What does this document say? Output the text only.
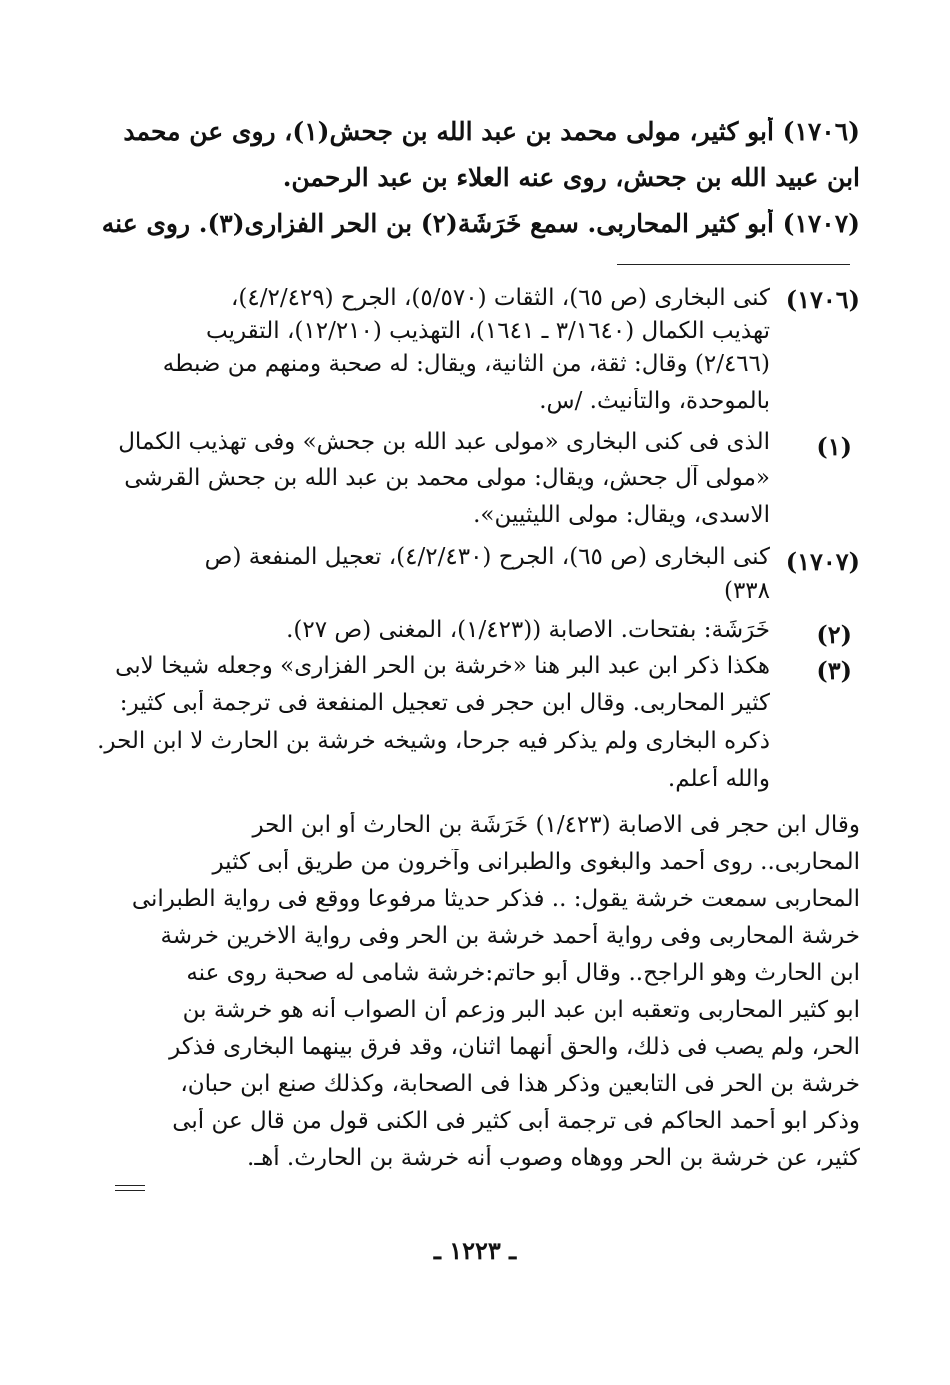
(١٧٠٦) أبو كثير، مولى محمد بن عبد الله بن جحش(١)، روى عن محمد
ابن عبيد الله بن جحش، روى عنه العلاء بن عبد الرحمن.
(١٧٠٧) أبو كثير المحاربى. سمع خَرَشَة(٢) بن الحر الفزارى(٣). روى عنه
(١٧٠٦)
كنى البخارى (ص ٦٥)، الثقات (٥/٥٧٠)، الجرح (٤/٢/٤٢٩)،
تهذيب الكمال (٣/١٦٤٠ ـ ١٦٤١)، التهذيب (١٢/٢١٠)، التقريب
(٢/٤٦٦) وقال: ثقة، من الثانية، ويقال: له صحبة ومنهم من ضبطه
بالموحدة، والتأنيث. /س.
(١)
الذى فى كنى البخارى «مولى عبد الله بن جحش» وفى تهذيب الكمال
«مولى آل جحش، ويقال: مولى محمد بن عبد الله بن جحش القرشى
الاسدى، ويقال: مولى الليثيين».
(١٧٠٧)
كنى البخارى (ص ٦٥)، الجرح (٤/٢/٤٣٠)، تعجيل المنفعة (ص
٣٣٨)
(٢)
خَرَشَة: بفتحات. الاصابة ((١/٤٢٣)، المغنى (ص ٢٧).
(٣)
هكذا ذكر ابن عبد البر هنا «خرشة بن الحر الفزارى» وجعله شيخا لابى
كثير المحاربى. وقال ابن حجر فى تعجيل المنفعة فى ترجمة أبى كثير:
ذكره البخارى ولم يذكر فيه جرحا، وشيخه خرشة بن الحارث لا ابن الحر.
والله أعلم.
وقال ابن حجر فى الاصابة (١/٤٢٣) خَرَشَة بن الحارث أو ابن الحر
المحاربى.. روى أحمد والبغوى والطبرانى وآخرون من طريق أبى كثير
المحاربى سمعت خرشة يقول: .. فذكر حديثا مرفوعا ووقع فى رواية الطبرانى
خرشة المحاربى وفى رواية أحمد خرشة بن الحر وفى رواية الاخرين خرشة
ابن الحارث وهو الراجح.. وقال أبو حاتم:خرشة شامى له صحبة روى عنه
ابو كثير المحاربى وتعقبه ابن عبد البر وزعم أن الصواب أنه هو خرشة بن
الحر، ولم يصب فى ذلك، والحق أنهما اثنان، وقد فرق بينهما البخارى فذكر
خرشة بن الحر فى التابعين وذكر هذا فى الصحابة، وكذلك صنع ابن حبان،
وذكر ابو أحمد الحاكم فى ترجمة أبى كثير فى الكنى قول من قال عن أبى
كثير، عن خرشة بن الحر ووهاه وصوب أنه خرشة بن الحارث. أهـ.
ـ ١٢٢٣ ـ
